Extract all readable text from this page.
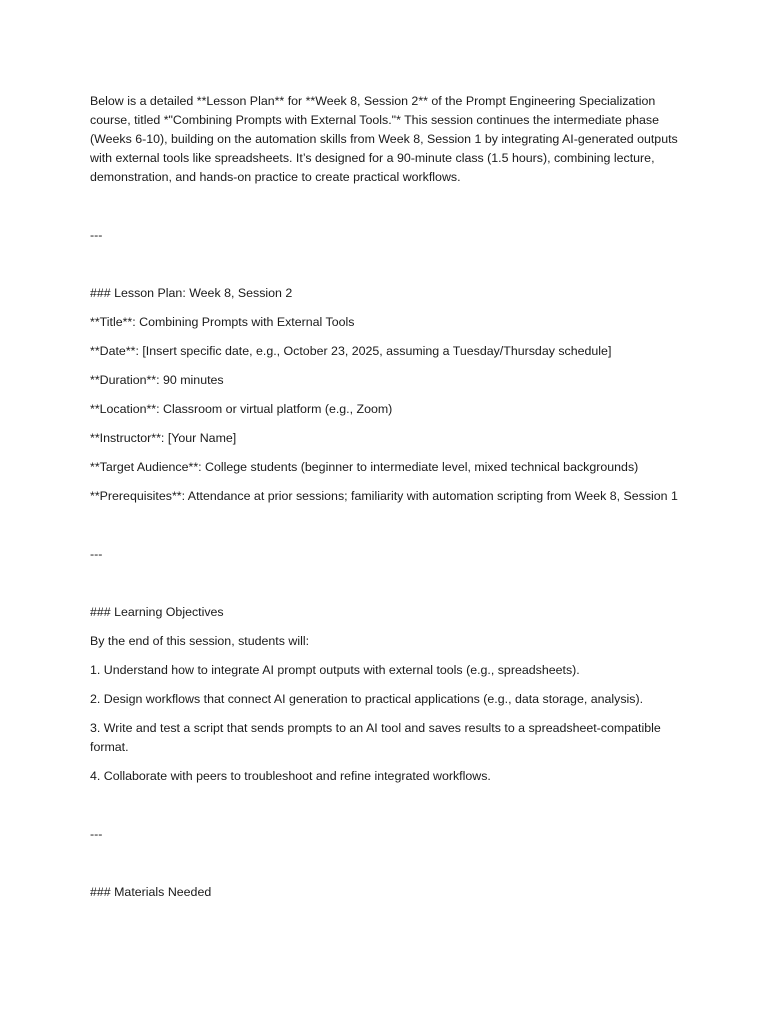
Below is a detailed **Lesson Plan** for **Week 8, Session 2** of the Prompt Engineering Specialization course, titled *"Combining Prompts with External Tools."* This session continues the intermediate phase (Weeks 6-10), building on the automation skills from Week 8, Session 1 by integrating AI-generated outputs with external tools like spreadsheets. It’s designed for a 90-minute class (1.5 hours), combining lecture, demonstration, and hands-on practice to create practical workflows.

---

### Lesson Plan: Week 8, Session 2

**Title**: Combining Prompts with External Tools

**Date**: [Insert specific date, e.g., October 23, 2025, assuming a Tuesday/Thursday schedule]

**Duration**: 90 minutes

**Location**: Classroom or virtual platform (e.g., Zoom)

**Instructor**: [Your Name]

**Target Audience**: College students (beginner to intermediate level, mixed technical backgrounds)

**Prerequisites**: Attendance at prior sessions; familiarity with automation scripting from Week 8, Session 1

---

### Learning Objectives

By the end of this session, students will:

1. Understand how to integrate AI prompt outputs with external tools (e.g., spreadsheets).

2. Design workflows that connect AI generation to practical applications (e.g., data storage, analysis).

3. Write and test a script that sends prompts to an AI tool and saves results to a spreadsheet-compatible format.

4. Collaborate with peers to troubleshoot and refine integrated workflows.

---

### Materials Needed
